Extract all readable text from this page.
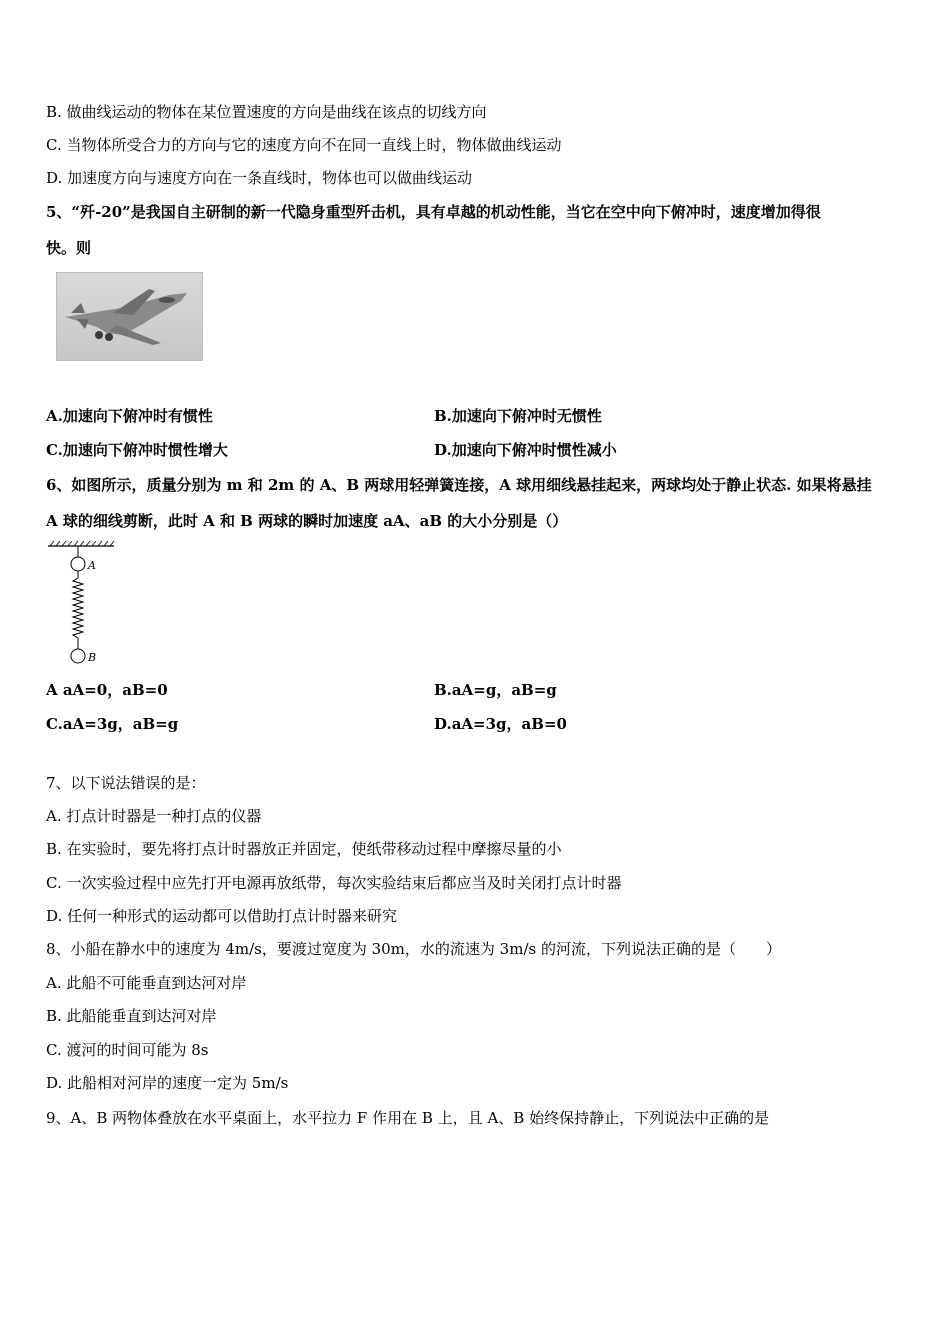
B. 做曲线运动的物体在某位置速度的方向是曲线在该点的切线方向
C. 当物体所受合力的方向与它的速度方向不在同一直线上时，物体做曲线运动
D. 加速度方向与速度方向在一条直线时，物体也可以做曲线运动
5、“歼-20”是我国自主研制的新一代隐身重型歼击机，具有卓越的机动性能，当它在空中向下俯冲时，速度增加得很
快。则
A.加速向下俯冲时有惯性	B.加速向下俯冲时无惯性
C.加速向下俯冲时惯性增大	D.加速向下俯冲时惯性减小
6、如图所示，质量分别为 m 和 2m 的 A、B 两球用轻弹簧连接，A 球用细线悬挂起来，两球均处于静止状态. 如果将悬挂
A 球的细线剪断，此时 A 和 B 两球的瞬时加速度 aA、aB 的大小分别是（）
A
B
A aA=0，aB=0	B.aA=g，aB=g
C.aA=3g，aB=g	D.aA=3g，aB=0
7、以下说法错误的是：
A. 打点计时器是一种打点的仪器
B. 在实验时，要先将打点计时器放正并固定，使纸带移动过程中摩擦尽量的小
C. 一次实验过程中应先打开电源再放纸带，每次实验结束后都应当及时关闭打点计时器
D. 任何一种形式的运动都可以借助打点计时器来研究
8、小船在静水中的速度为 4m/s，要渡过宽度为 30m，水的流速为 3m/s 的河流，下列说法正确的是（　　）
A. 此船不可能垂直到达河对岸
B. 此船能垂直到达河对岸
C. 渡河的时间可能为 8s
D. 此船相对河岸的速度一定为 5m/s
9、A、B 两物体叠放在水平桌面上，水平拉力 F 作用在 B 上，且 A、B 始终保持静止，下列说法中正确的是
